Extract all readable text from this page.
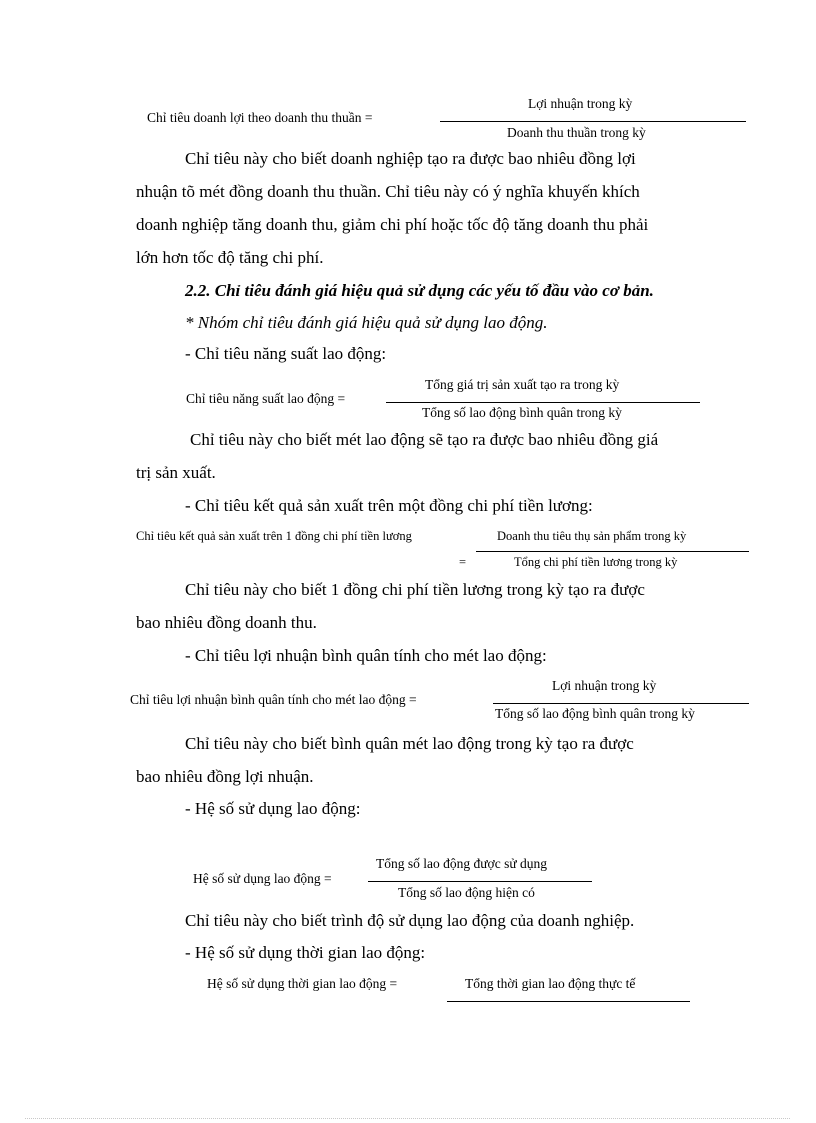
Chỉ tiêu doanh lợi theo doanh thu thuần =
Lợi nhuận trong kỳ
Doanh thu thuần trong kỳ
Chỉ tiêu này cho biết doanh nghiệp tạo ra được bao nhiêu đồng lợi
nhuận tõ mét đồng doanh thu thuần. Chỉ tiêu này có ý nghĩa khuyến khích
doanh nghiệp tăng doanh thu, giảm chi phí hoặc tốc độ tăng doanh thu phải
lớn hơn tốc độ tăng chi phí.
2.2. Chỉ tiêu đánh giá hiệu quả sử dụng các yếu tố đầu vào cơ bản.
* Nhóm chỉ tiêu đánh giá hiệu quả sử dụng lao động.
- Chỉ tiêu năng suất lao động:
Chỉ tiêu năng suất lao động =
Tổng giá trị sản xuất tạo ra trong kỳ
Tổng số lao động bình quân trong kỳ
Chỉ tiêu này cho biết mét lao động sẽ tạo ra được bao nhiêu đồng giá
trị sản xuất.
- Chỉ tiêu kết quả sản xuất trên một đồng chi phí tiền lương:
Chỉ tiêu kết quả sản xuất trên 1 đồng chi phí tiền lương
=
Doanh thu tiêu thụ sản phẩm trong kỳ
Tổng chi phí tiền lương trong kỳ
Chỉ tiêu này cho biết 1 đồng chi phí tiền lương trong kỳ tạo ra được
bao nhiêu đồng doanh thu.
- Chỉ tiêu lợi nhuận bình quân tính cho mét lao động:
Chỉ tiêu lợi nhuận bình quân tính cho mét lao động =
Lợi nhuận trong kỳ
Tổng số lao động bình quân trong kỳ
Chỉ tiêu này cho biết bình quân mét lao động trong kỳ tạo ra được
bao nhiêu đồng lợi nhuận.
- Hệ số sử dụng lao động:
Hệ số sử dụng lao động =
Tổng số lao động được sử dụng
Tổng số lao động hiện có
Chỉ tiêu này cho biết trình độ sử dụng lao động của doanh nghiệp.
- Hệ số sử dụng thời gian lao động:
Hệ số sử dụng thời gian lao động =	Tổng thời gian lao động thực tế
